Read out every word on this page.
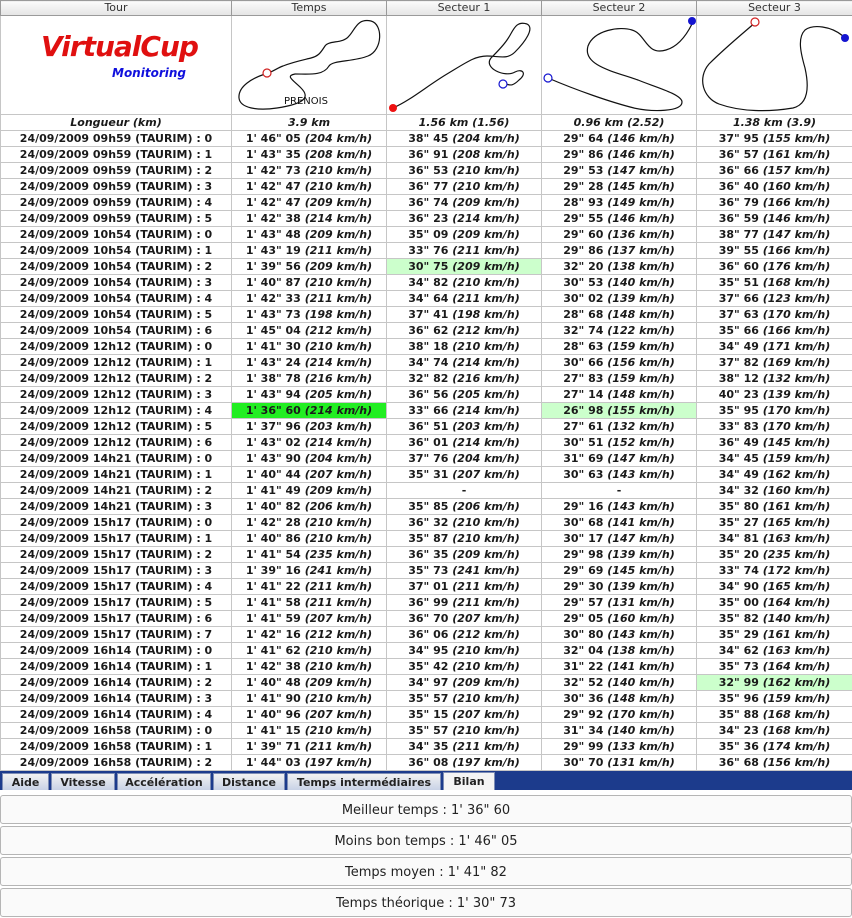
Tour	Temps	Secteur 1	Secteur 2	Secteur 3

VirtualCup
Monitoring	PRENOIS

Longueur (km)	3.9 km	1.56 km (1.56)	0.96 km (2.52)	1.38 km (3.9)
24/09/2009 09h59 (TAURIM) : 0	1' 46" 05 (204 km/h)	38" 45 (204 km/h)	29" 64 (146 km/h)	37" 95 (155 km/h)
24/09/2009 09h59 (TAURIM) : 1	1' 43" 35 (208 km/h)	36" 91 (208 km/h)	29" 86 (146 km/h)	36" 57 (161 km/h)
24/09/2009 09h59 (TAURIM) : 2	1' 42" 73 (210 km/h)	36" 53 (210 km/h)	29" 53 (147 km/h)	36" 66 (157 km/h)
24/09/2009 09h59 (TAURIM) : 3	1' 42" 47 (210 km/h)	36" 77 (210 km/h)	29" 28 (145 km/h)	36" 40 (160 km/h)
24/09/2009 09h59 (TAURIM) : 4	1' 42" 47 (209 km/h)	36" 74 (209 km/h)	28" 93 (149 km/h)	36" 79 (166 km/h)
24/09/2009 09h59 (TAURIM) : 5	1' 42" 38 (214 km/h)	36" 23 (214 km/h)	29" 55 (146 km/h)	36" 59 (146 km/h)
24/09/2009 10h54 (TAURIM) : 0	1' 43" 48 (209 km/h)	35" 09 (209 km/h)	29" 60 (136 km/h)	38" 77 (147 km/h)
24/09/2009 10h54 (TAURIM) : 1	1' 43" 19 (211 km/h)	33" 76 (211 km/h)	29" 86 (137 km/h)	39" 55 (166 km/h)
24/09/2009 10h54 (TAURIM) : 2	1' 39" 56 (209 km/h)	30" 75 (209 km/h)	32" 20 (138 km/h)	36" 60 (176 km/h)
24/09/2009 10h54 (TAURIM) : 3	1' 40" 87 (210 km/h)	34" 82 (210 km/h)	30" 53 (140 km/h)	35" 51 (168 km/h)
24/09/2009 10h54 (TAURIM) : 4	1' 42" 33 (211 km/h)	34" 64 (211 km/h)	30" 02 (139 km/h)	37" 66 (123 km/h)
24/09/2009 10h54 (TAURIM) : 5	1' 43" 73 (198 km/h)	37" 41 (198 km/h)	28" 68 (148 km/h)	37" 63 (170 km/h)
24/09/2009 10h54 (TAURIM) : 6	1' 45" 04 (212 km/h)	36" 62 (212 km/h)	32" 74 (122 km/h)	35" 66 (166 km/h)
24/09/2009 12h12 (TAURIM) : 0	1' 41" 30 (210 km/h)	38" 18 (210 km/h)	28" 63 (159 km/h)	34" 49 (171 km/h)
24/09/2009 12h12 (TAURIM) : 1	1' 43" 24 (214 km/h)	34" 74 (214 km/h)	30" 66 (156 km/h)	37" 82 (169 km/h)
24/09/2009 12h12 (TAURIM) : 2	1' 38" 78 (216 km/h)	32" 82 (216 km/h)	27" 83 (159 km/h)	38" 12 (132 km/h)
24/09/2009 12h12 (TAURIM) : 3	1' 43" 94 (205 km/h)	36" 56 (205 km/h)	27" 14 (148 km/h)	40" 23 (139 km/h)
24/09/2009 12h12 (TAURIM) : 4	1' 36" 60 (214 km/h)	33" 66 (214 km/h)	26" 98 (155 km/h)	35" 95 (170 km/h)
24/09/2009 12h12 (TAURIM) : 5	1' 37" 96 (203 km/h)	36" 51 (203 km/h)	27" 61 (132 km/h)	33" 83 (170 km/h)
24/09/2009 12h12 (TAURIM) : 6	1' 43" 02 (214 km/h)	36" 01 (214 km/h)	30" 51 (152 km/h)	36" 49 (145 km/h)
24/09/2009 14h21 (TAURIM) : 0	1' 43" 90 (204 km/h)	37" 76 (204 km/h)	31" 69 (147 km/h)	34" 45 (159 km/h)
24/09/2009 14h21 (TAURIM) : 1	1' 40" 44 (207 km/h)	35" 31 (207 km/h)	30" 63 (143 km/h)	34" 49 (162 km/h)
24/09/2009 14h21 (TAURIM) : 2	1' 41" 49 (209 km/h)	-	-	34" 32 (160 km/h)
24/09/2009 14h21 (TAURIM) : 3	1' 40" 82 (206 km/h)	35" 85 (206 km/h)	29" 16 (143 km/h)	35" 80 (161 km/h)
24/09/2009 15h17 (TAURIM) : 0	1' 42" 28 (210 km/h)	36" 32 (210 km/h)	30" 68 (141 km/h)	35" 27 (165 km/h)
24/09/2009 15h17 (TAURIM) : 1	1' 40" 86 (210 km/h)	35" 87 (210 km/h)	30" 17 (147 km/h)	34" 81 (163 km/h)
24/09/2009 15h17 (TAURIM) : 2	1' 41" 54 (235 km/h)	36" 35 (209 km/h)	29" 98 (139 km/h)	35" 20 (235 km/h)
24/09/2009 15h17 (TAURIM) : 3	1' 39" 16 (241 km/h)	35" 73 (241 km/h)	29" 69 (145 km/h)	33" 74 (172 km/h)
24/09/2009 15h17 (TAURIM) : 4	1' 41" 22 (211 km/h)	37" 01 (211 km/h)	29" 30 (139 km/h)	34" 90 (165 km/h)
24/09/2009 15h17 (TAURIM) : 5	1' 41" 58 (211 km/h)	36" 99 (211 km/h)	29" 57 (131 km/h)	35" 00 (164 km/h)
24/09/2009 15h17 (TAURIM) : 6	1' 41" 59 (207 km/h)	36" 70 (207 km/h)	29" 05 (160 km/h)	35" 82 (140 km/h)
24/09/2009 15h17 (TAURIM) : 7	1' 42" 16 (212 km/h)	36" 06 (212 km/h)	30" 80 (143 km/h)	35" 29 (161 km/h)
24/09/2009 16h14 (TAURIM) : 0	1' 41" 62 (210 km/h)	34" 95 (210 km/h)	32" 04 (138 km/h)	34" 62 (163 km/h)
24/09/2009 16h14 (TAURIM) : 1	1' 42" 38 (210 km/h)	35" 42 (210 km/h)	31" 22 (141 km/h)	35" 73 (164 km/h)
24/09/2009 16h14 (TAURIM) : 2	1' 40" 48 (209 km/h)	34" 97 (209 km/h)	32" 52 (140 km/h)	32" 99 (162 km/h)
24/09/2009 16h14 (TAURIM) : 3	1' 41" 90 (210 km/h)	35" 57 (210 km/h)	30" 36 (148 km/h)	35" 96 (159 km/h)
24/09/2009 16h14 (TAURIM) : 4	1' 40" 96 (207 km/h)	35" 15 (207 km/h)	29" 92 (170 km/h)	35" 88 (168 km/h)
24/09/2009 16h58 (TAURIM) : 0	1' 41" 15 (210 km/h)	35" 57 (210 km/h)	31" 34 (140 km/h)	34" 23 (168 km/h)
24/09/2009 16h58 (TAURIM) : 1	1' 39" 71 (211 km/h)	34" 35 (211 km/h)	29" 99 (133 km/h)	35" 36 (174 km/h)
24/09/2009 16h58 (TAURIM) : 2	1' 44" 03 (197 km/h)	36" 08 (197 km/h)	30" 70 (131 km/h)	36" 68 (156 km/h)
Aide	Vitesse	Accélération	Distance	Temps intermédiaires	Bilan
Meilleur temps : 1' 36" 60
Moins bon temps : 1' 46" 05
Temps moyen : 1' 41" 82
Temps théorique : 1' 30" 73
